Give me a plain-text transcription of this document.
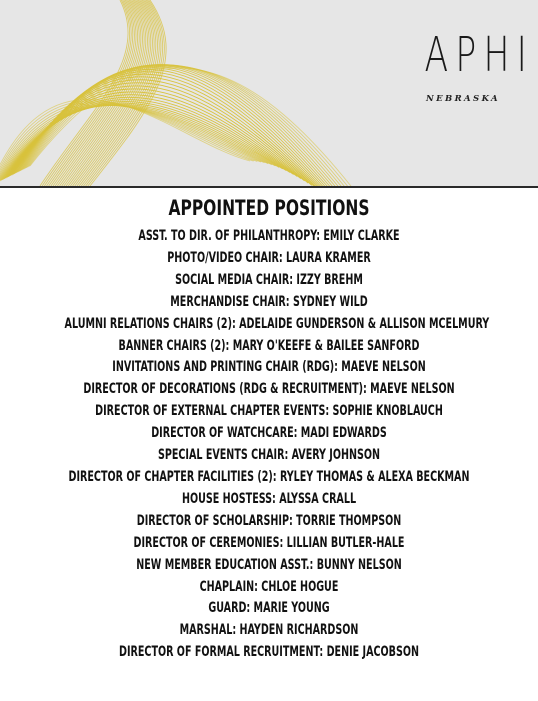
APHI
NEBRASKA
APPOINTED POSITIONS
ASST. TO DIR. OF PHILANTHROPY: EMILY CLARKE
PHOTO/VIDEO CHAIR: LAURA KRAMER
SOCIAL MEDIA CHAIR: IZZY BREHM
MERCHANDISE CHAIR: SYDNEY WILD
ALUMNI RELATIONS CHAIRS (2): ADELAIDE GUNDERSON & ALLISON MCELMURY
BANNER CHAIRS (2): MARY O'KEEFE & BAILEE SANFORD
INVITATIONS AND PRINTING CHAIR (RDG): MAEVE NELSON
DIRECTOR OF DECORATIONS (RDG & RECRUITMENT): MAEVE NELSON
DIRECTOR OF EXTERNAL CHAPTER EVENTS: SOPHIE KNOBLAUCH
DIRECTOR OF WATCHCARE: MADI EDWARDS
SPECIAL EVENTS CHAIR: AVERY JOHNSON
DIRECTOR OF CHAPTER FACILITIES (2): RYLEY THOMAS & ALEXA BECKMAN
HOUSE HOSTESS: ALYSSA CRALL
DIRECTOR OF SCHOLARSHIP: TORRIE THOMPSON
DIRECTOR OF CEREMONIES: LILLIAN BUTLER-HALE
NEW MEMBER EDUCATION ASST.: BUNNY NELSON
CHAPLAIN: CHLOE HOGUE
GUARD: MARIE YOUNG
MARSHAL: HAYDEN RICHARDSON
DIRECTOR OF FORMAL RECRUITMENT: DENIE JACOBSON
